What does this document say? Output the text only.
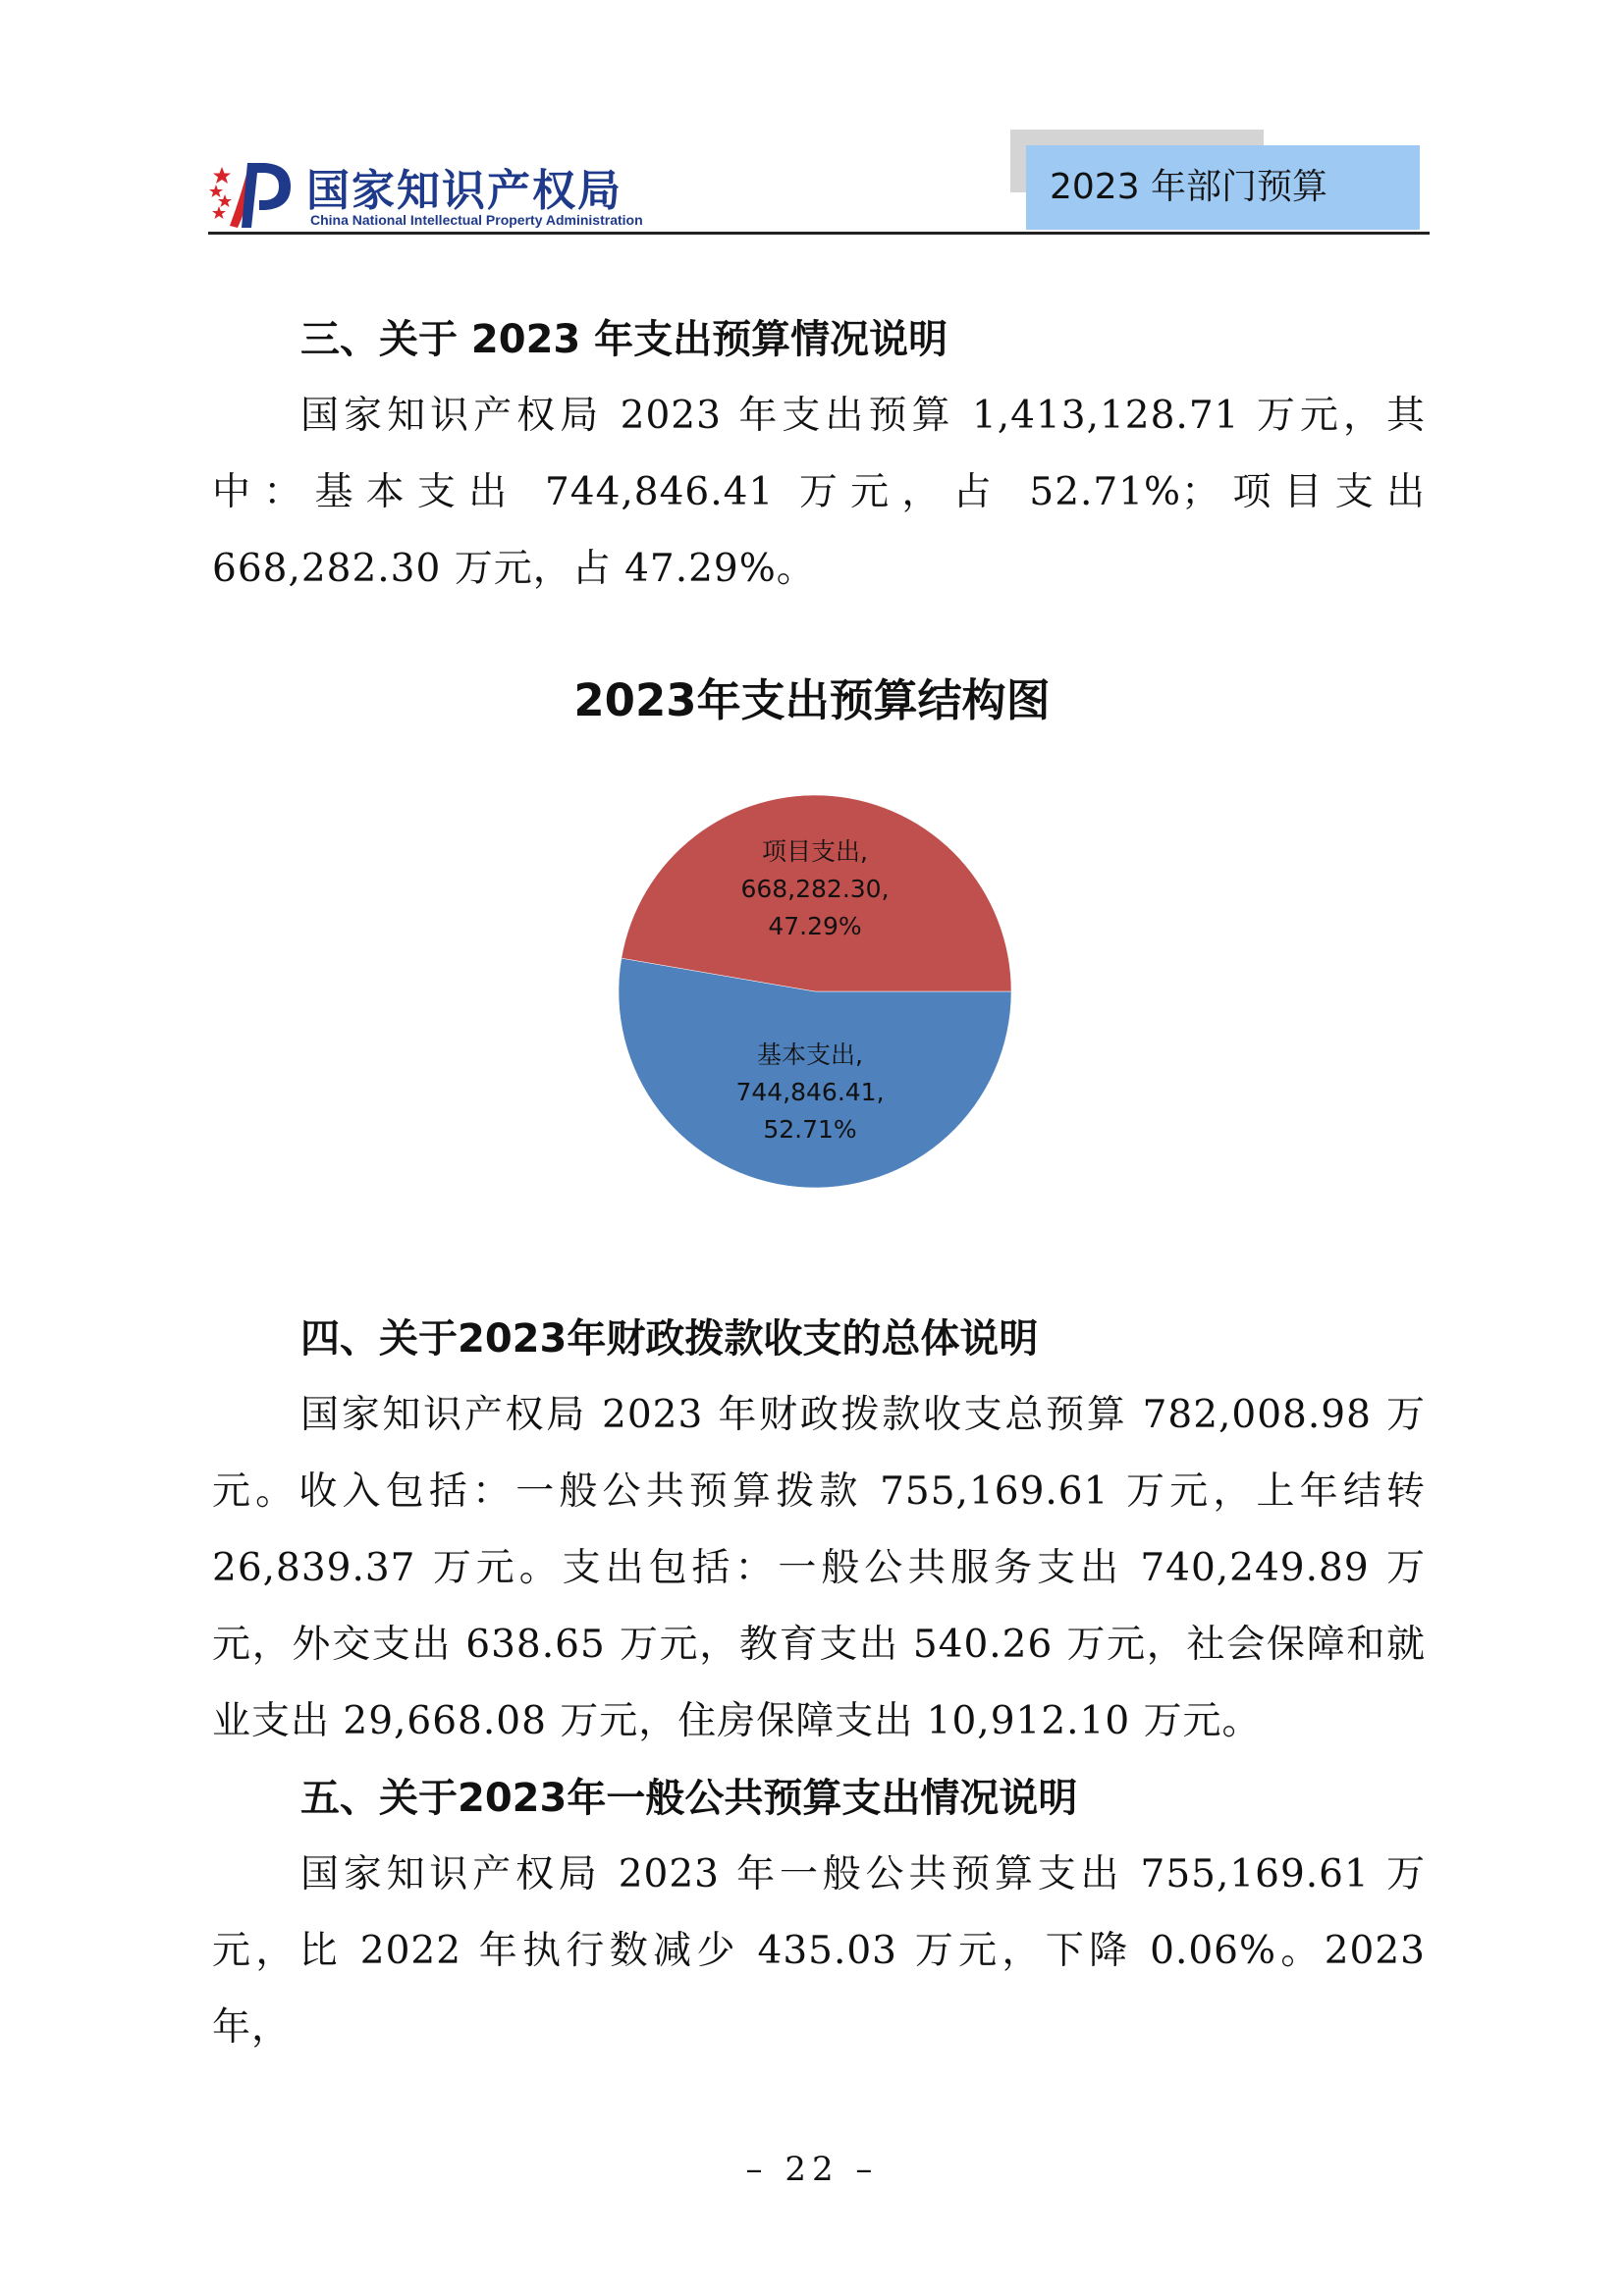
国家知识产权局
China National Intellectual Property Administration
2023 年部门预算
三、关于 2023 年支出预算情况说明

国家知识产权局 2023 年支出预算 1,413,128.71 万元，其中：基本支出 744,846.41 万元，占 52.71%；项目支出 668,282.30 万元，占 47.29%。

2023年支出预算结构图
项目支出,
668,282.30,
47.29%
基本支出,
744,846.41,
52.71%
四、关于2023年财政拨款收支的总体说明

国家知识产权局 2023 年财政拨款收支总预算 782,008.98 万元。收入包括：一般公共预算拨款 755,169.61 万元，上年结转 26,839.37 万元。支出包括：一般公共服务支出 740,249.89 万元，外交支出 638.65 万元，教育支出 540.26 万元，社会保障和就业支出 29,668.08 万元，住房保障支出 10,912.10 万元。

五、关于2023年一般公共预算支出情况说明

国家知识产权局 2023 年一般公共预算支出 755,169.61 万元，比 2022 年执行数减少 435.03 万元，下降 0.06%。2023 年，

– 22 –
